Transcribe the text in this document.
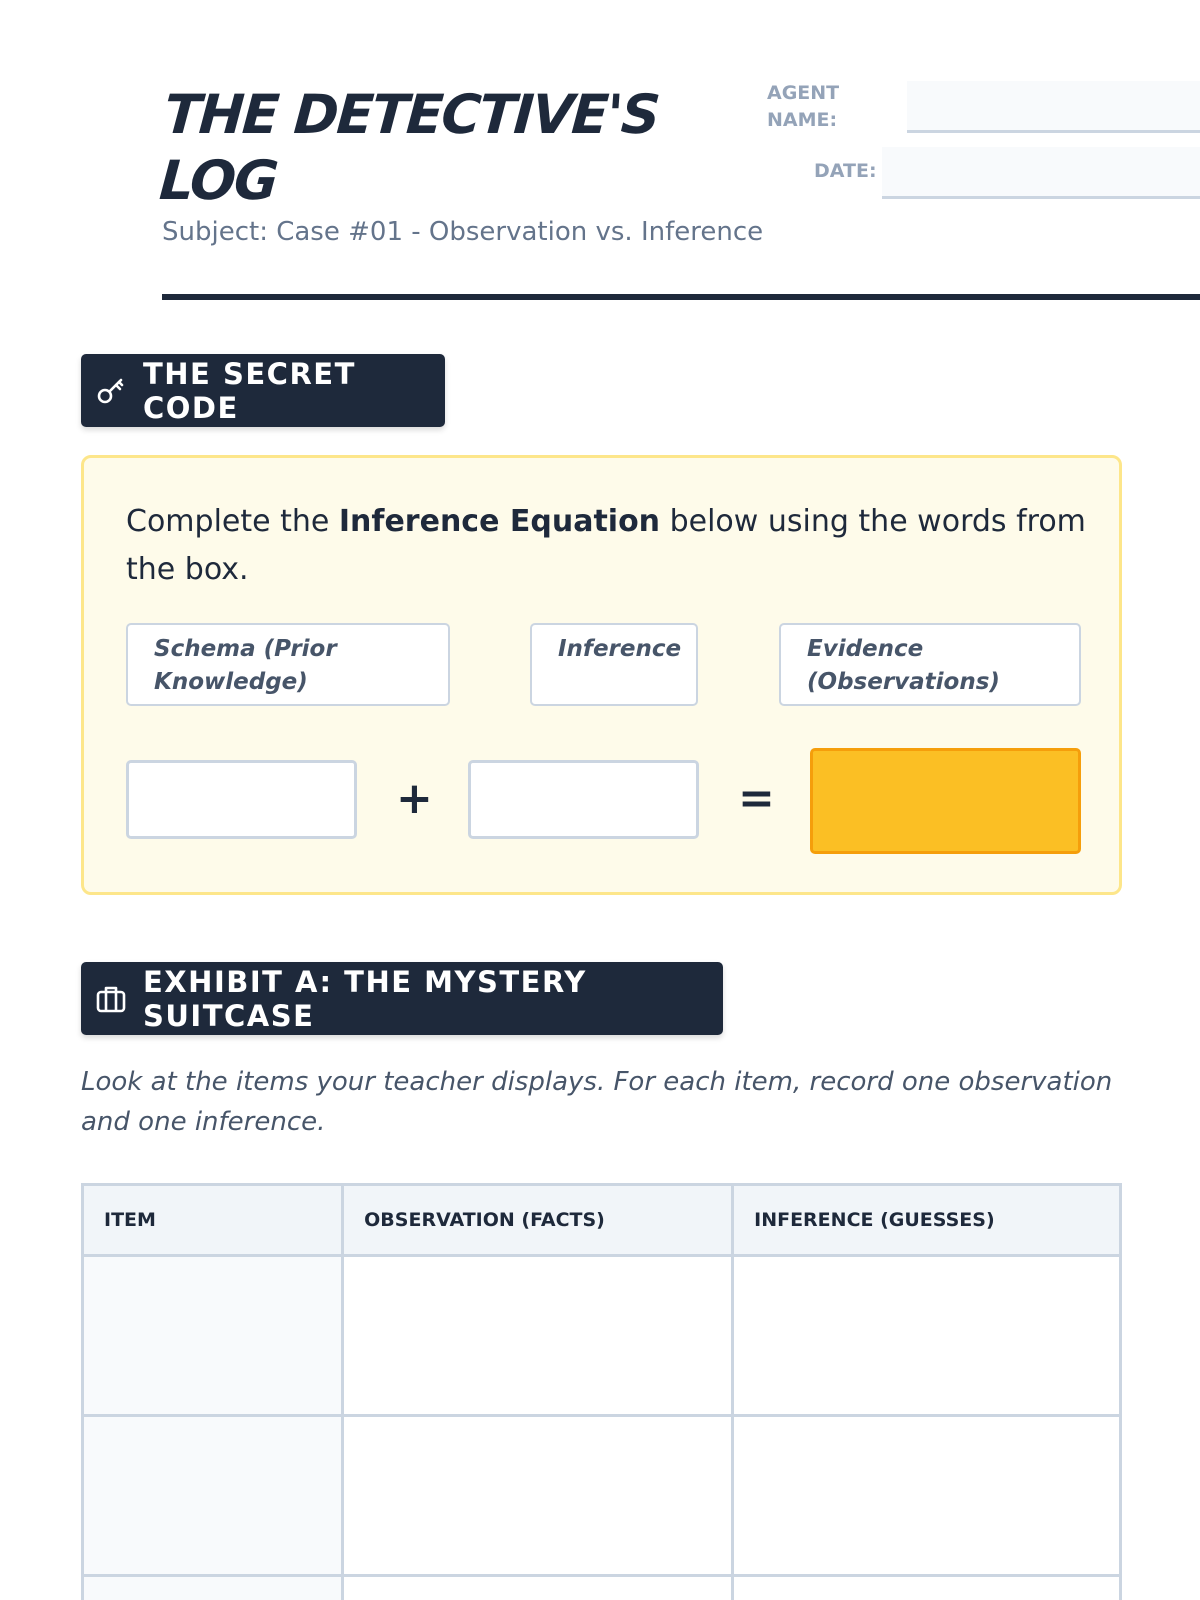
THE DETECTIVE'S LOG
Subject: Case #01 - Observation vs. Inference
AGENT NAME:
DATE:
THE SECRET CODE

Complete the Inference Equation below using the words from the box.

Schema (Prior Knowledge)
Inference	Evidence (Observations)
+	=
EXHIBIT A: THE MYSTERY SUITCASE

Look at the items your teacher displays. For each item, record one observation and one inference.

ITEM	OBSERVATION (FACTS)	INFERENCE (GUESSES)
